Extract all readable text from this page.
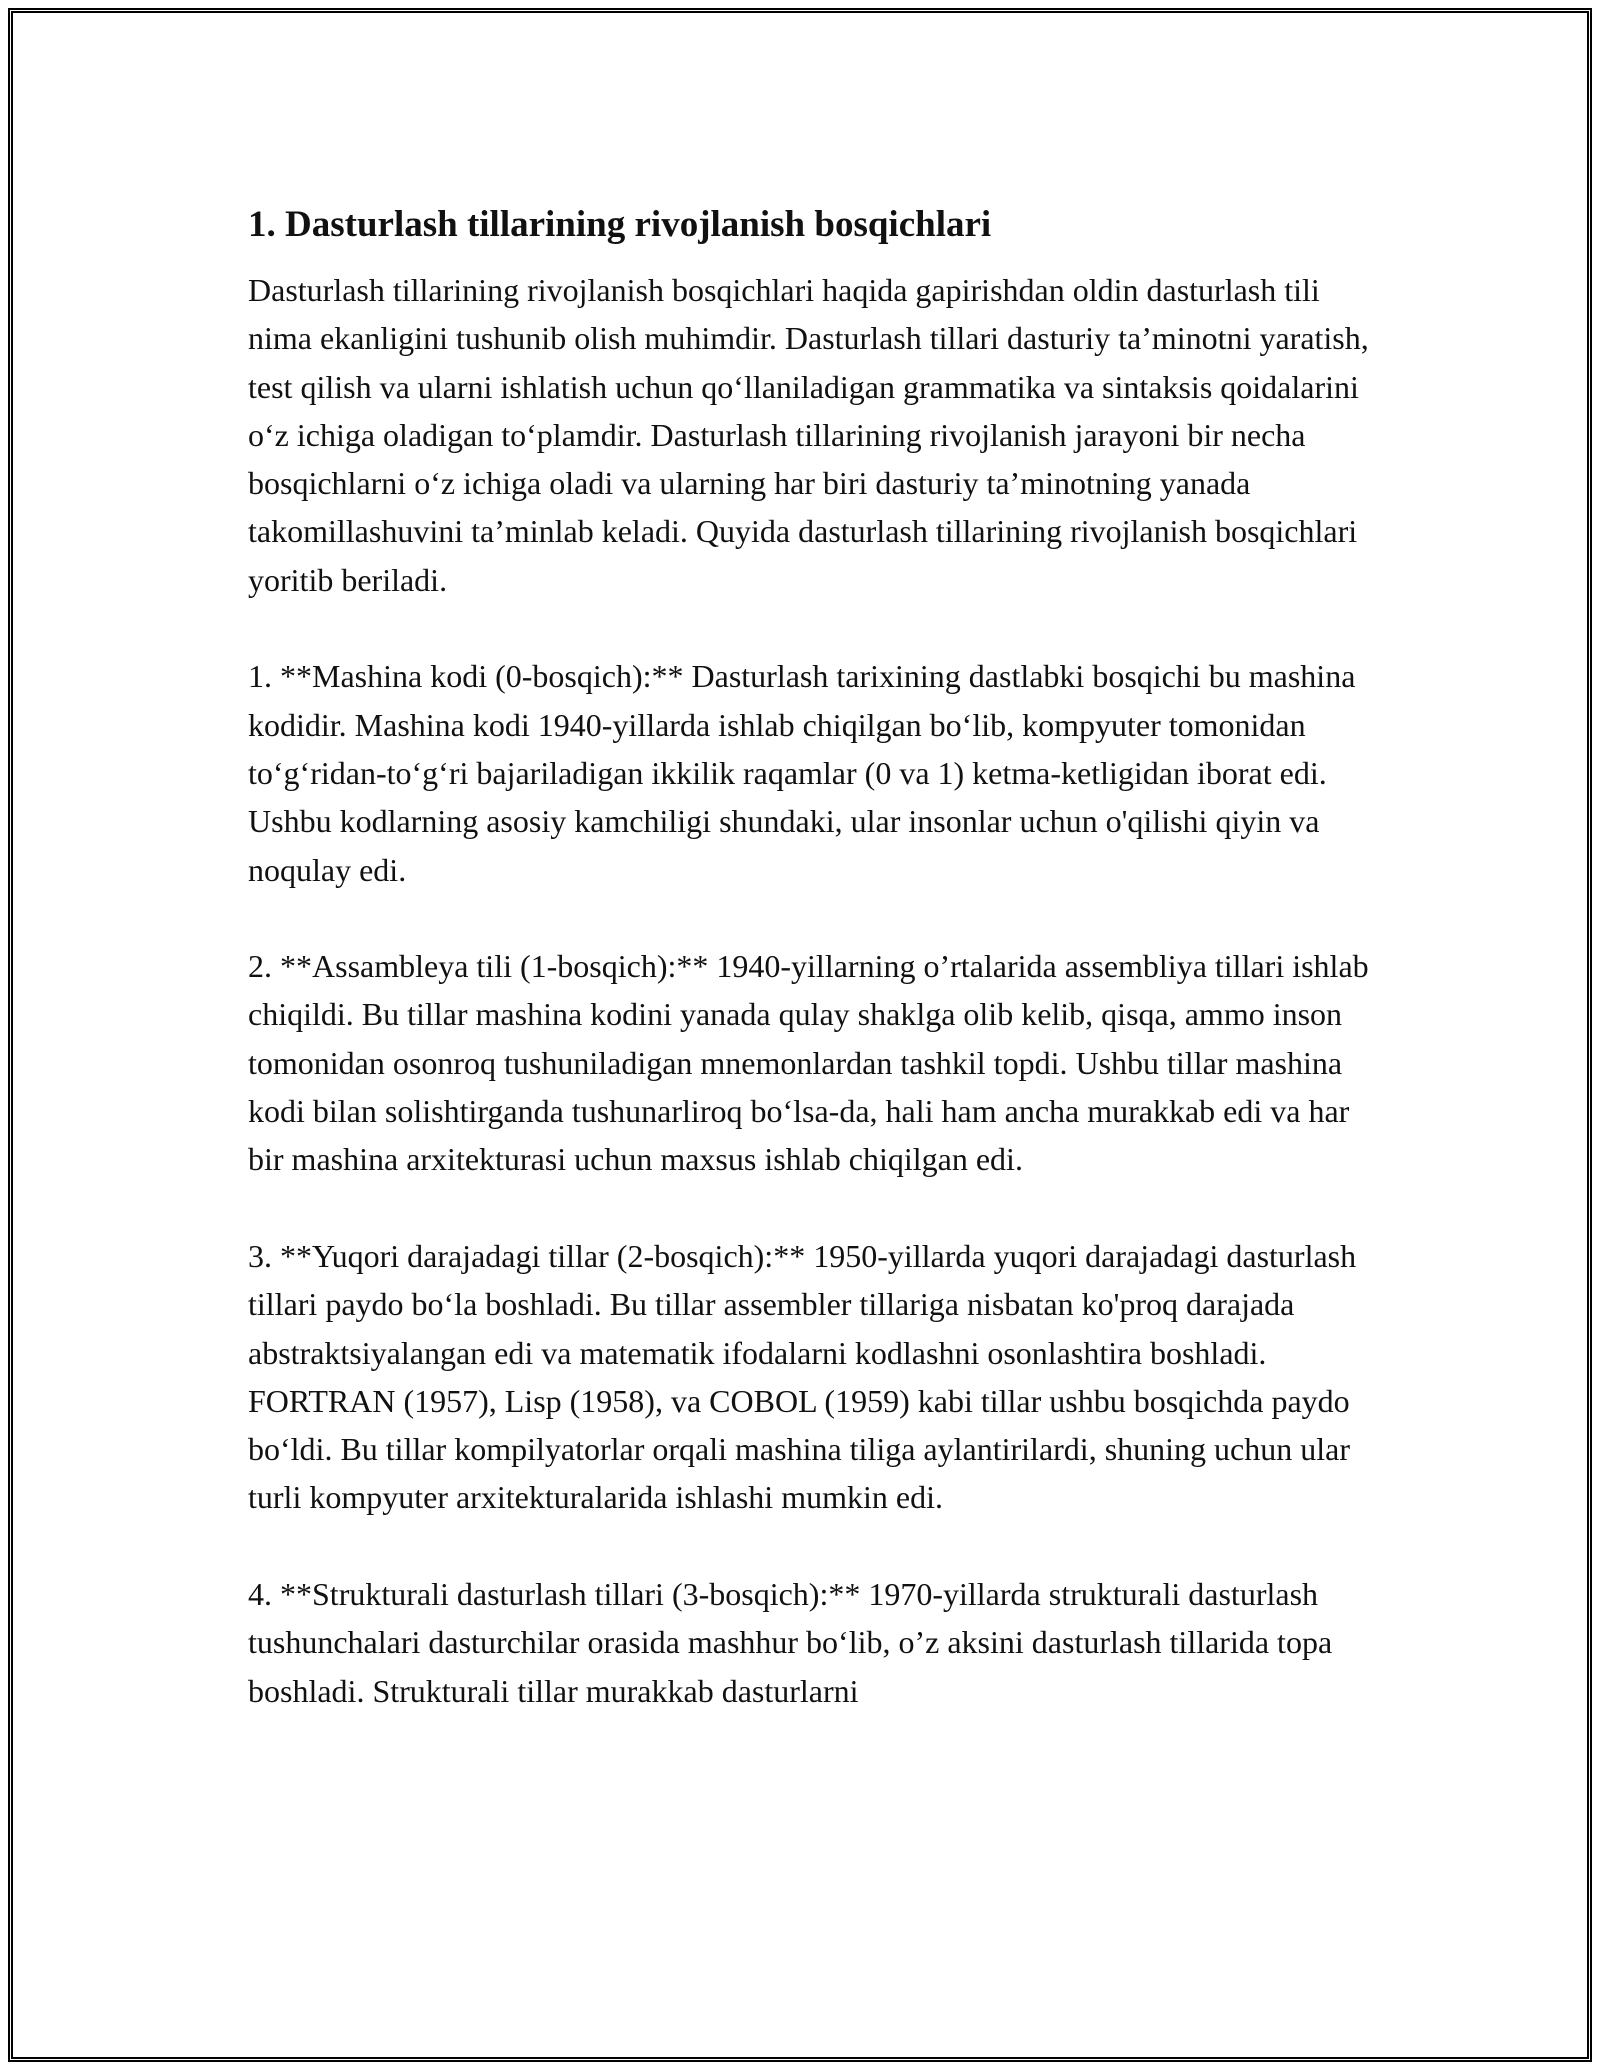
1. Dasturlash tillarining rivojlanish bosqichlari

Dasturlash tillarining rivojlanish bosqichlari haqida gapirishdan oldin dasturlash tili nima ekanligini tushunib olish muhimdir. Dasturlash tillari dasturiy ta’minotni yaratish, test qilish va ularni ishlatish uchun qo‘llaniladigan grammatika va sintaksis qoidalarini o‘z ichiga oladigan to‘plamdir. Dasturlash tillarining rivojlanish jarayoni bir necha bosqichlarni o‘z ichiga oladi va ularning har biri dasturiy ta’minotning yanada takomillashuvini ta’minlab keladi. Quyida dasturlash tillarining rivojlanish bosqichlari yoritib beriladi.

1. **Mashina kodi (0-bosqich):** Dasturlash tarixining dastlabki bosqichi bu mashina kodidir. Mashina kodi 1940-yillarda ishlab chiqilgan bo‘lib, kompyuter tomonidan to‘g‘ridan-to‘g‘ri bajariladigan ikkilik raqamlar (0 va 1) ketma-ketligidan iborat edi. Ushbu kodlarning asosiy kamchiligi shundaki, ular insonlar uchun o'qilishi qiyin va noqulay edi.

2. **Assambleya tili (1-bosqich):** 1940-yillarning o’rtalarida assembliya tillari ishlab chiqildi. Bu tillar mashina kodini yanada qulay shaklga olib kelib, qisqa, ammo inson tomonidan osonroq tushuniladigan mnemonlardan tashkil topdi. Ushbu tillar mashina kodi bilan solishtirganda tushunarliroq bo‘lsa-da, hali ham ancha murakkab edi va har bir mashina arxitekturasi uchun maxsus ishlab chiqilgan edi.

3. **Yuqori darajadagi tillar (2-bosqich):** 1950-yillarda yuqori darajadagi dasturlash tillari paydo bo‘la boshladi. Bu tillar assembler tillariga nisbatan ko'proq darajada abstraktsiyalangan edi va matematik ifodalarni kodlashni osonlashtira boshladi. FORTRAN (1957), Lisp (1958), va COBOL (1959) kabi tillar ushbu bosqichda paydo bo‘ldi. Bu tillar kompilyatorlar orqali mashina tiliga aylantirilardi, shuning uchun ular turli kompyuter arxitekturalarida ishlashi mumkin edi.

4. **Strukturali dasturlash tillari (3-bosqich):** 1970-yillarda strukturali dasturlash tushunchalari dasturchilar orasida mashhur bo‘lib, o’z aksini dasturlash tillarida topa boshladi. Strukturali tillar murakkab dasturlarni
